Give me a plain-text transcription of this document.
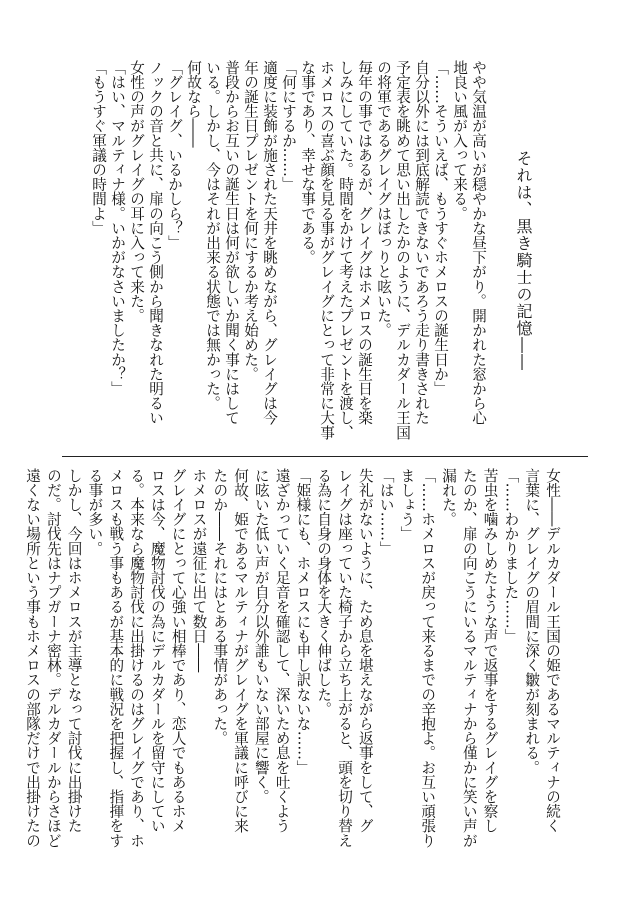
それは、黒き騎士の記憶――
やや気温が高いが穏やかな昼下がり。開かれた窓から心
地良い風が入って来る。
「……そういえば、もうすぐホメロスの誕生日か」
自分以外には到底解読できないであろう走り書きされた
予定表を眺めて思い出したかのように、デルカダール王国
の将軍であるグレイグはぼっりと呟いた。
毎年の事ではあるが、グレイグはホメロスの誕生日を楽
しみにしていた。時間をかけて考えたプレゼントを渡し、
ホメロスの喜ぶ顔を見る事がグレイグにとって非常に大事
な事であり、幸せな事である。
「何にするか……」
適度に装飾が施された天井を眺めながら、グレイグは今
年の誕生日プレゼントを何にするか考え始めた。
普段からお互いの誕生日は何が欲しいか聞く事にはして
いる。しかし、今はそれが出来る状態では無かった。
何故なら――
「グレイグ、いるかしら？」
ノックの音と共に、扉の向こう側から聞きなれた明るい
女性の声がグレイグの耳に入って来た。
「はい、マルティナ様。いかがなさいましたか？」
「もうすぐ軍議の時間よ」
女性――デルカダール王国の姫であるマルティナの続く
言葉に、グレイグの眉間に深く皺が刻まれる。
「……わかりました……」
苦虫を噛みしめたような声で返事をするグレイグを察し
たのか、扉の向こうにいるマルティナから僅かに笑い声が
漏れた。
「……ホメロスが戻って来るまでの辛抱よ。お互い頑張り
ましょう」
「はい……」
失礼がないように、ため息を堪えながら返事をして、グ
レイグは座っていた椅子から立ち上がると、頭を切り替え
る為に自身の身体を大きく伸ばした。
「姫様にも、ホメロスにも申し訳ないな……」
遠ざかっていく足音を確認して、深いため息を吐くよう
に呟いた低い声が自分以外誰もいない部屋に響く。
何故、姫であるマルティナがグレイグを軍議に呼びに来
たのか――それにはとある事情があった。
ホメロスが遠征に出て数日――
グレイグにとって心強い相棒であり、恋人でもあるホメ
ロスは今、魔物討伐の為にデルカダールを留守にしてい
る。本来なら魔物討伐に出掛けるのはグレイグであり、ホ
メロスも戦う事もあるが基本的に戦況を把握し、指揮をす
る事が多い。
しかし、今回はホメロスが主導となって討伐に出掛けた
のだ。討伐先はナプガーナ密林。デルカダールからさほど
遠くない場所という事もホメロスの部隊だけで出掛けたの
